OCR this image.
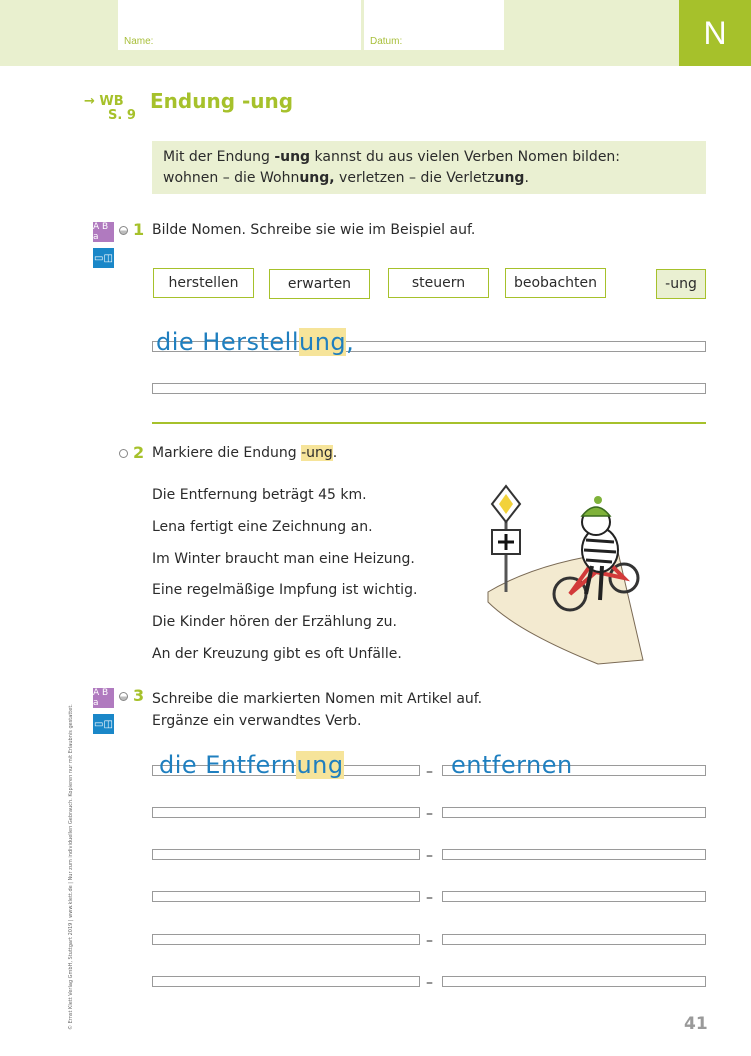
Name:	Datum:	N
→ WB
S. 9
Endung -ung
Mit der Endung -ung kannst du aus vielen Verben Nomen bilden:
wohnen – die Wohnung, verletzen – die Verletzung.
A B a
▭◫
1 Bilde Nomen. Schreibe sie wie im Beispiel auf.
herstellen	erwarten	steuern	beobachten	-ung
die Herstellung,
2 Markiere die Endung -ung.
Die Entfernung beträgt 45 km.
Lena fertigt eine Zeichnung an.
Im Winter braucht man eine Heizung.
Eine regelmäßige Impfung ist wichtig.
Die Kinder hören der Erzählung zu.
An der Kreuzung gibt es oft Unfälle.
A B a
▭◫
3 Schreibe die markierten Nomen mit Artikel auf.
Ergänze ein verwandtes Verb.
die Entfernung	entfernen
–
–
–
–
–
–
© Ernst Klett Verlag GmbH, Stuttgart 2019 | www.klett.de | Nur zum individuellen Gebrauch. Kopieren nur mit Erlaubnis gestattet.	41
